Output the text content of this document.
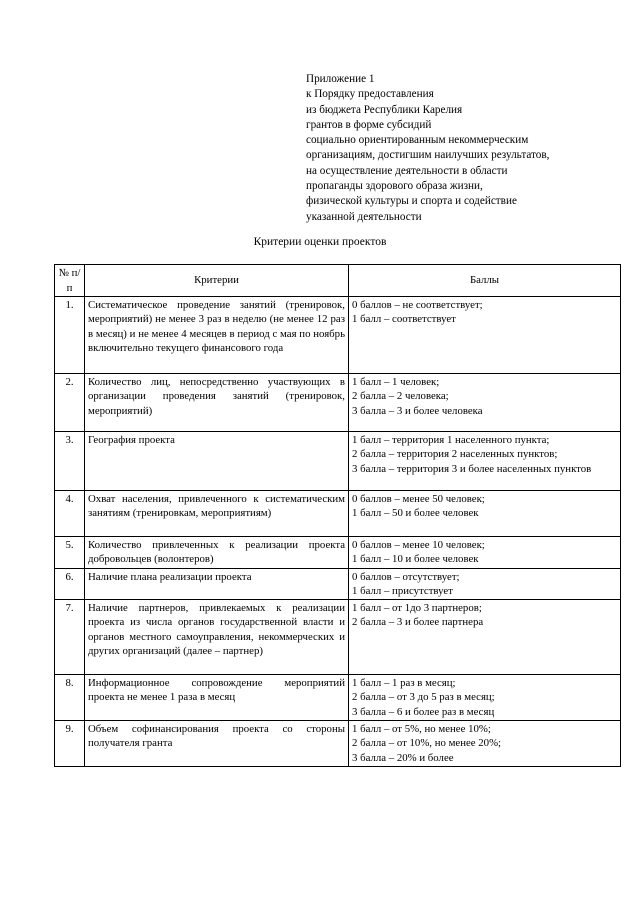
Приложение 1
к Порядку предоставления
из бюджета Республики Карелия
грантов в форме субсидий
социально ориентированным некоммерческим
организациям, достигшим наилучших результатов,
на осуществление деятельности в области
пропаганды здорового образа жизни,
физической культуры и спорта и содействие
указанной деятельности
Критерии оценки проектов
№ п/п	Критерии	Баллы
1.	Систематическое проведение занятий (тренировок, мероприятий) не менее 3 раз в неделю (не менее 12 раз в месяц) и не менее 4 месяцев в период с мая по ноябрь включительно текущего финансового года	0 баллов – не соответствует;
1 балл – соответствует

2.	Количество лиц, непосредственно участвующих в организации проведения занятий (тренировок, мероприятий)	1 балл – 1 человек;
2 балла – 2 человека;
3 балла – 3 и более человека

3.	География проекта	1 балл – территория 1 населенного пункта;
2 балла – территория 2 населенных пунктов;
3 балла – территория 3 и более населенных пунктов

4.	Охват населения, привлеченного к систематическим занятиям (тренировкам, мероприятиям)	0 баллов – менее 50 человек;
1 балл – 50 и более человек

5.	Количество привлеченных к реализации проекта добровольцев (волонтеров)	0 баллов – менее 10 человек;
1 балл – 10 и более человек

6.	Наличие плана реализации проекта	0 баллов – отсутствует;
1 балл – присутствует

7.	Наличие партнеров, привлекаемых к реализации проекта из числа органов государственной власти и органов местного самоуправления, некоммерческих и других организаций (далее – партнер)	1 балл – от 1до 3 партнеров;
2 балла – 3 и более партнера

8.	Информационное сопровождение мероприятий проекта не менее 1 раза в месяц	1 балл – 1 раз в месяц;
2 балла – от 3 до 5 раз в месяц;
3 балла – 6 и более раз в месяц

9.	Объем софинансирования проекта со стороны получателя гранта	1 балл – от 5%, но менее 10%;
2 балла – от 10%, но менее 20%;
3 балла – 20% и более
